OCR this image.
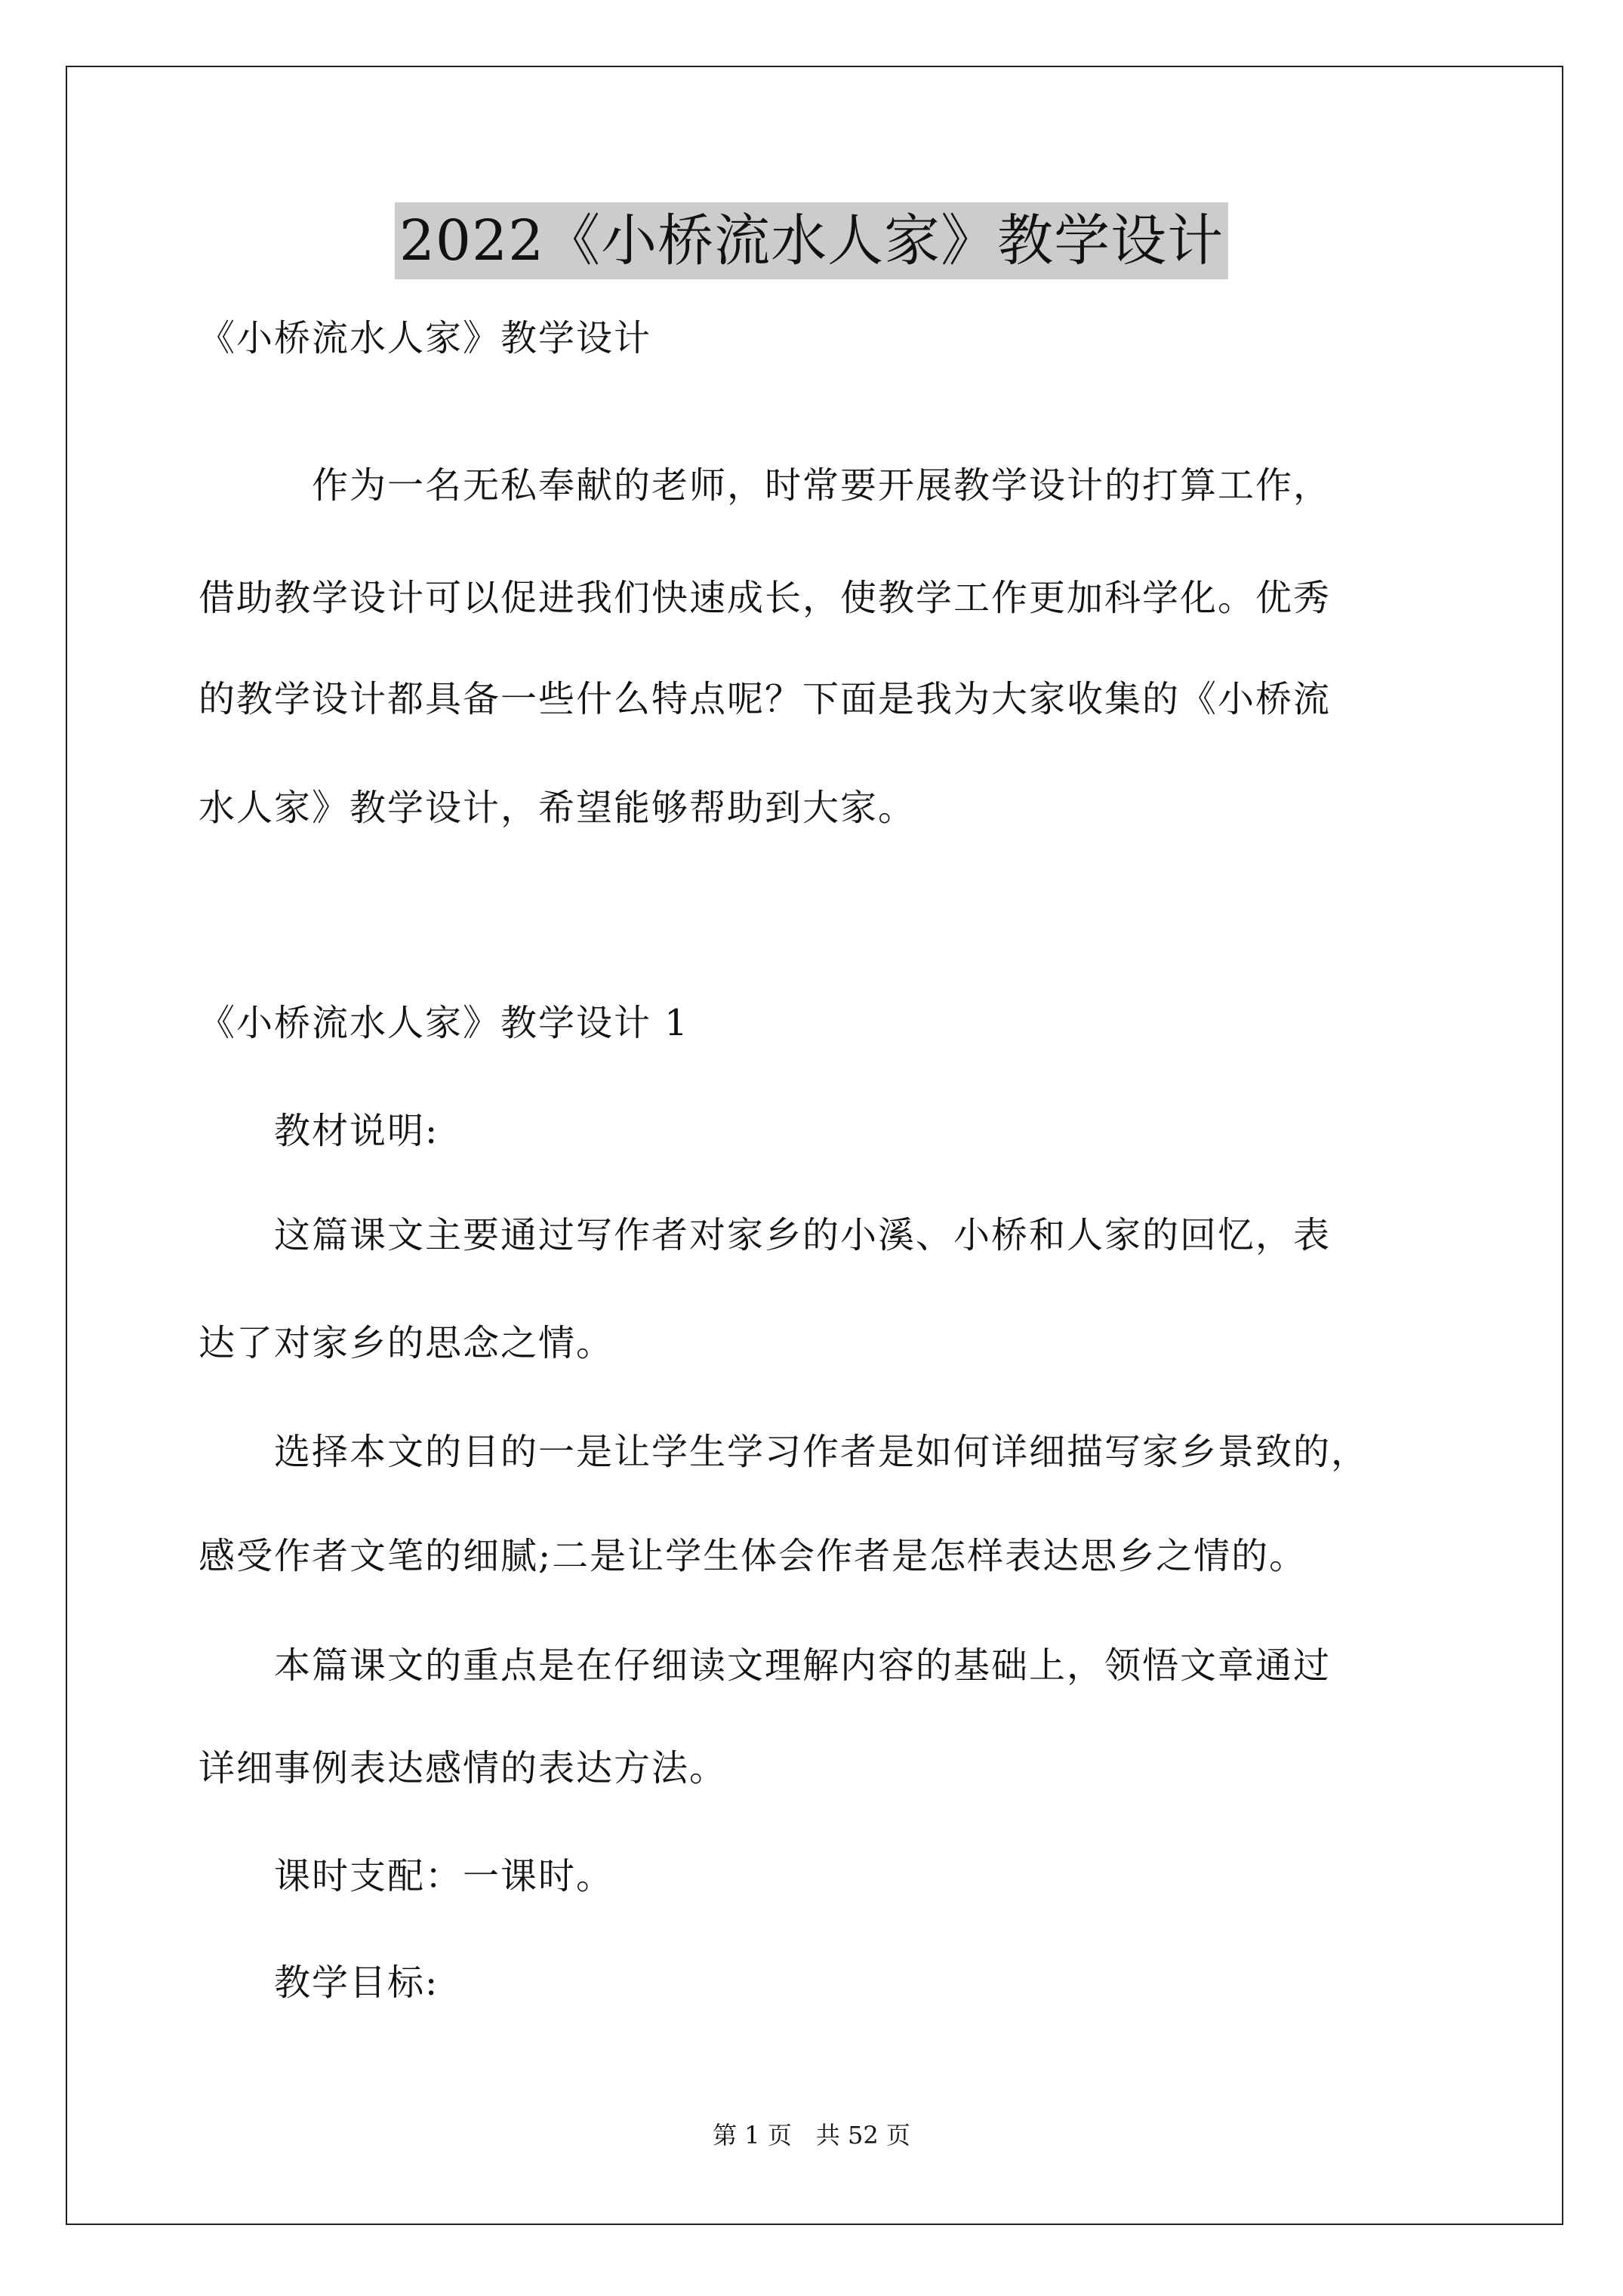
2022《小桥流水人家》教学设计
《小桥流水人家》教学设计
　　　作为一名无私奉献的老师，时常要开展教学设计的打算工作，
借助教学设计可以促进我们快速成长，使教学工作更加科学化。优秀
的教学设计都具备一些什么特点呢？下面是我为大家收集的《小桥流
水人家》教学设计，希望能够帮助到大家。
《小桥流水人家》教学设计 1
　　教材说明:
　　这篇课文主要通过写作者对家乡的小溪、小桥和人家的回忆，表
达了对家乡的思念之情。
　　选择本文的目的一是让学生学习作者是如何详细描写家乡景致的，
感受作者文笔的细腻;二是让学生体会作者是怎样表达思乡之情的。
　　本篇课文的重点是在仔细读文理解内容的基础上，领悟文章通过
详细事例表达感情的表达方法。
　　课时支配：一课时。
　　教学目标:
第 1 页　共 52 页
